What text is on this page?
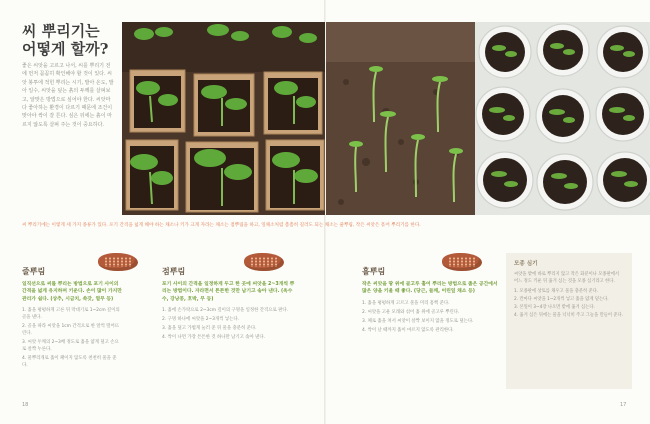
씨 뿌리기는
어떻게 할까?
좋은 씨앗을 고르고 나서, 씨를 뿌리기 전에 먼저 꼼꼼히 확인해야 할 것이 있다. 씨앗 봉투에 적힌 뿌리는 시기, 발아 온도, 발아 일수, 씨앗을 덮는 흙의 두께를 살펴보고, 알맞은 방법으로 심어야 한다. 씨앗마다 좋아하는 환경이 다르기 때문에 조건이 맞아야 싹이 잘 튼다. 심은 뒤에는 흙이 마르지 않도록 살펴 주는 것이 중요하다.
씨 뿌리기에는 이렇게 세 가지 종류가 있다. 포기 간격을 넓게 해야 하는 채소나 키가 크게 자라는 채소는 점뿌림을 하고, 잎채소처럼 촘촘히 길러도 되는 채소는 줄뿌림, 작은 씨앗은 흩어 뿌리기를 한다.
줄뿌림
일직선으로 씨를 뿌리는 방법으로 포기 사이의 간격을 넓게 유지하며 키운다. 손이 많이 가지만 관리가 쉽다. (상추, 시금치, 쑥갓, 열무 등)
1. 흙을 평평하게 고른 뒤 막대기로 1~2cm 깊이의 골을 낸다.
2. 골을 따라 씨앗을 1cm 간격으로 한 알씩 떨어뜨린다.
3. 씨앗 두께의 2~3배 정도로 흙을 얇게 덮고 손으로 살짝 누른다.
4. 물뿌리개로 흙이 패이지 않도록 천천히 물을 준다.
점뿌림
포기 사이의 간격을 일정하게 두고 한 곳에 씨앗을 2~3개씩 뿌리는 방법이다. 자라면서 튼튼한 것만 남기고 솎아 낸다. (옥수수, 강낭콩, 호박, 무 등)
1. 흙에 손가락으로 2~3cm 깊이의 구멍을 일정한 간격으로 판다.
2. 구멍 하나에 씨앗을 2~3개씩 넣는다.
3. 흙을 덮고 가볍게 눌러 준 뒤 물을 충분히 준다.
4. 싹이 나면 가장 튼튼한 것 하나만 남기고 솎아 낸다.
흩뿌림
작은 씨앗을 땅 위에 골고루 흩어 뿌리는 방법으로 좁은 공간에서 많은 양을 키울 때 좋다. (당근, 들깨, 어린잎 채소 등)
1. 흙을 평평하게 고르고 물을 미리 흠뻑 준다.
2. 씨앗을 고운 모래와 섞어 흙 위에 골고루 뿌린다.
3. 체로 흙을 쳐서 씨앗이 살짝 보이지 않을 정도로 덮는다.
4. 싹이 날 때까지 흙이 마르지 않도록 관리한다.
모종 심기
씨앗을 밭에 바로 뿌리지 않고 작은 화분이나 모종판에서 어느 정도 키운 뒤 옮겨 심는 것을 모종 심기라고 한다.
1. 모종판에 상토를 채우고 물을 충분히 준다.
2. 칸마다 씨앗을 1~2개씩 넣고 흙을 얇게 덮는다.
3. 본잎이 3~4장 나오면 밭에 옮겨 심는다.
4. 옮겨 심은 뒤에는 물을 넉넉히 주고 그늘을 만들어 준다.
18	17
